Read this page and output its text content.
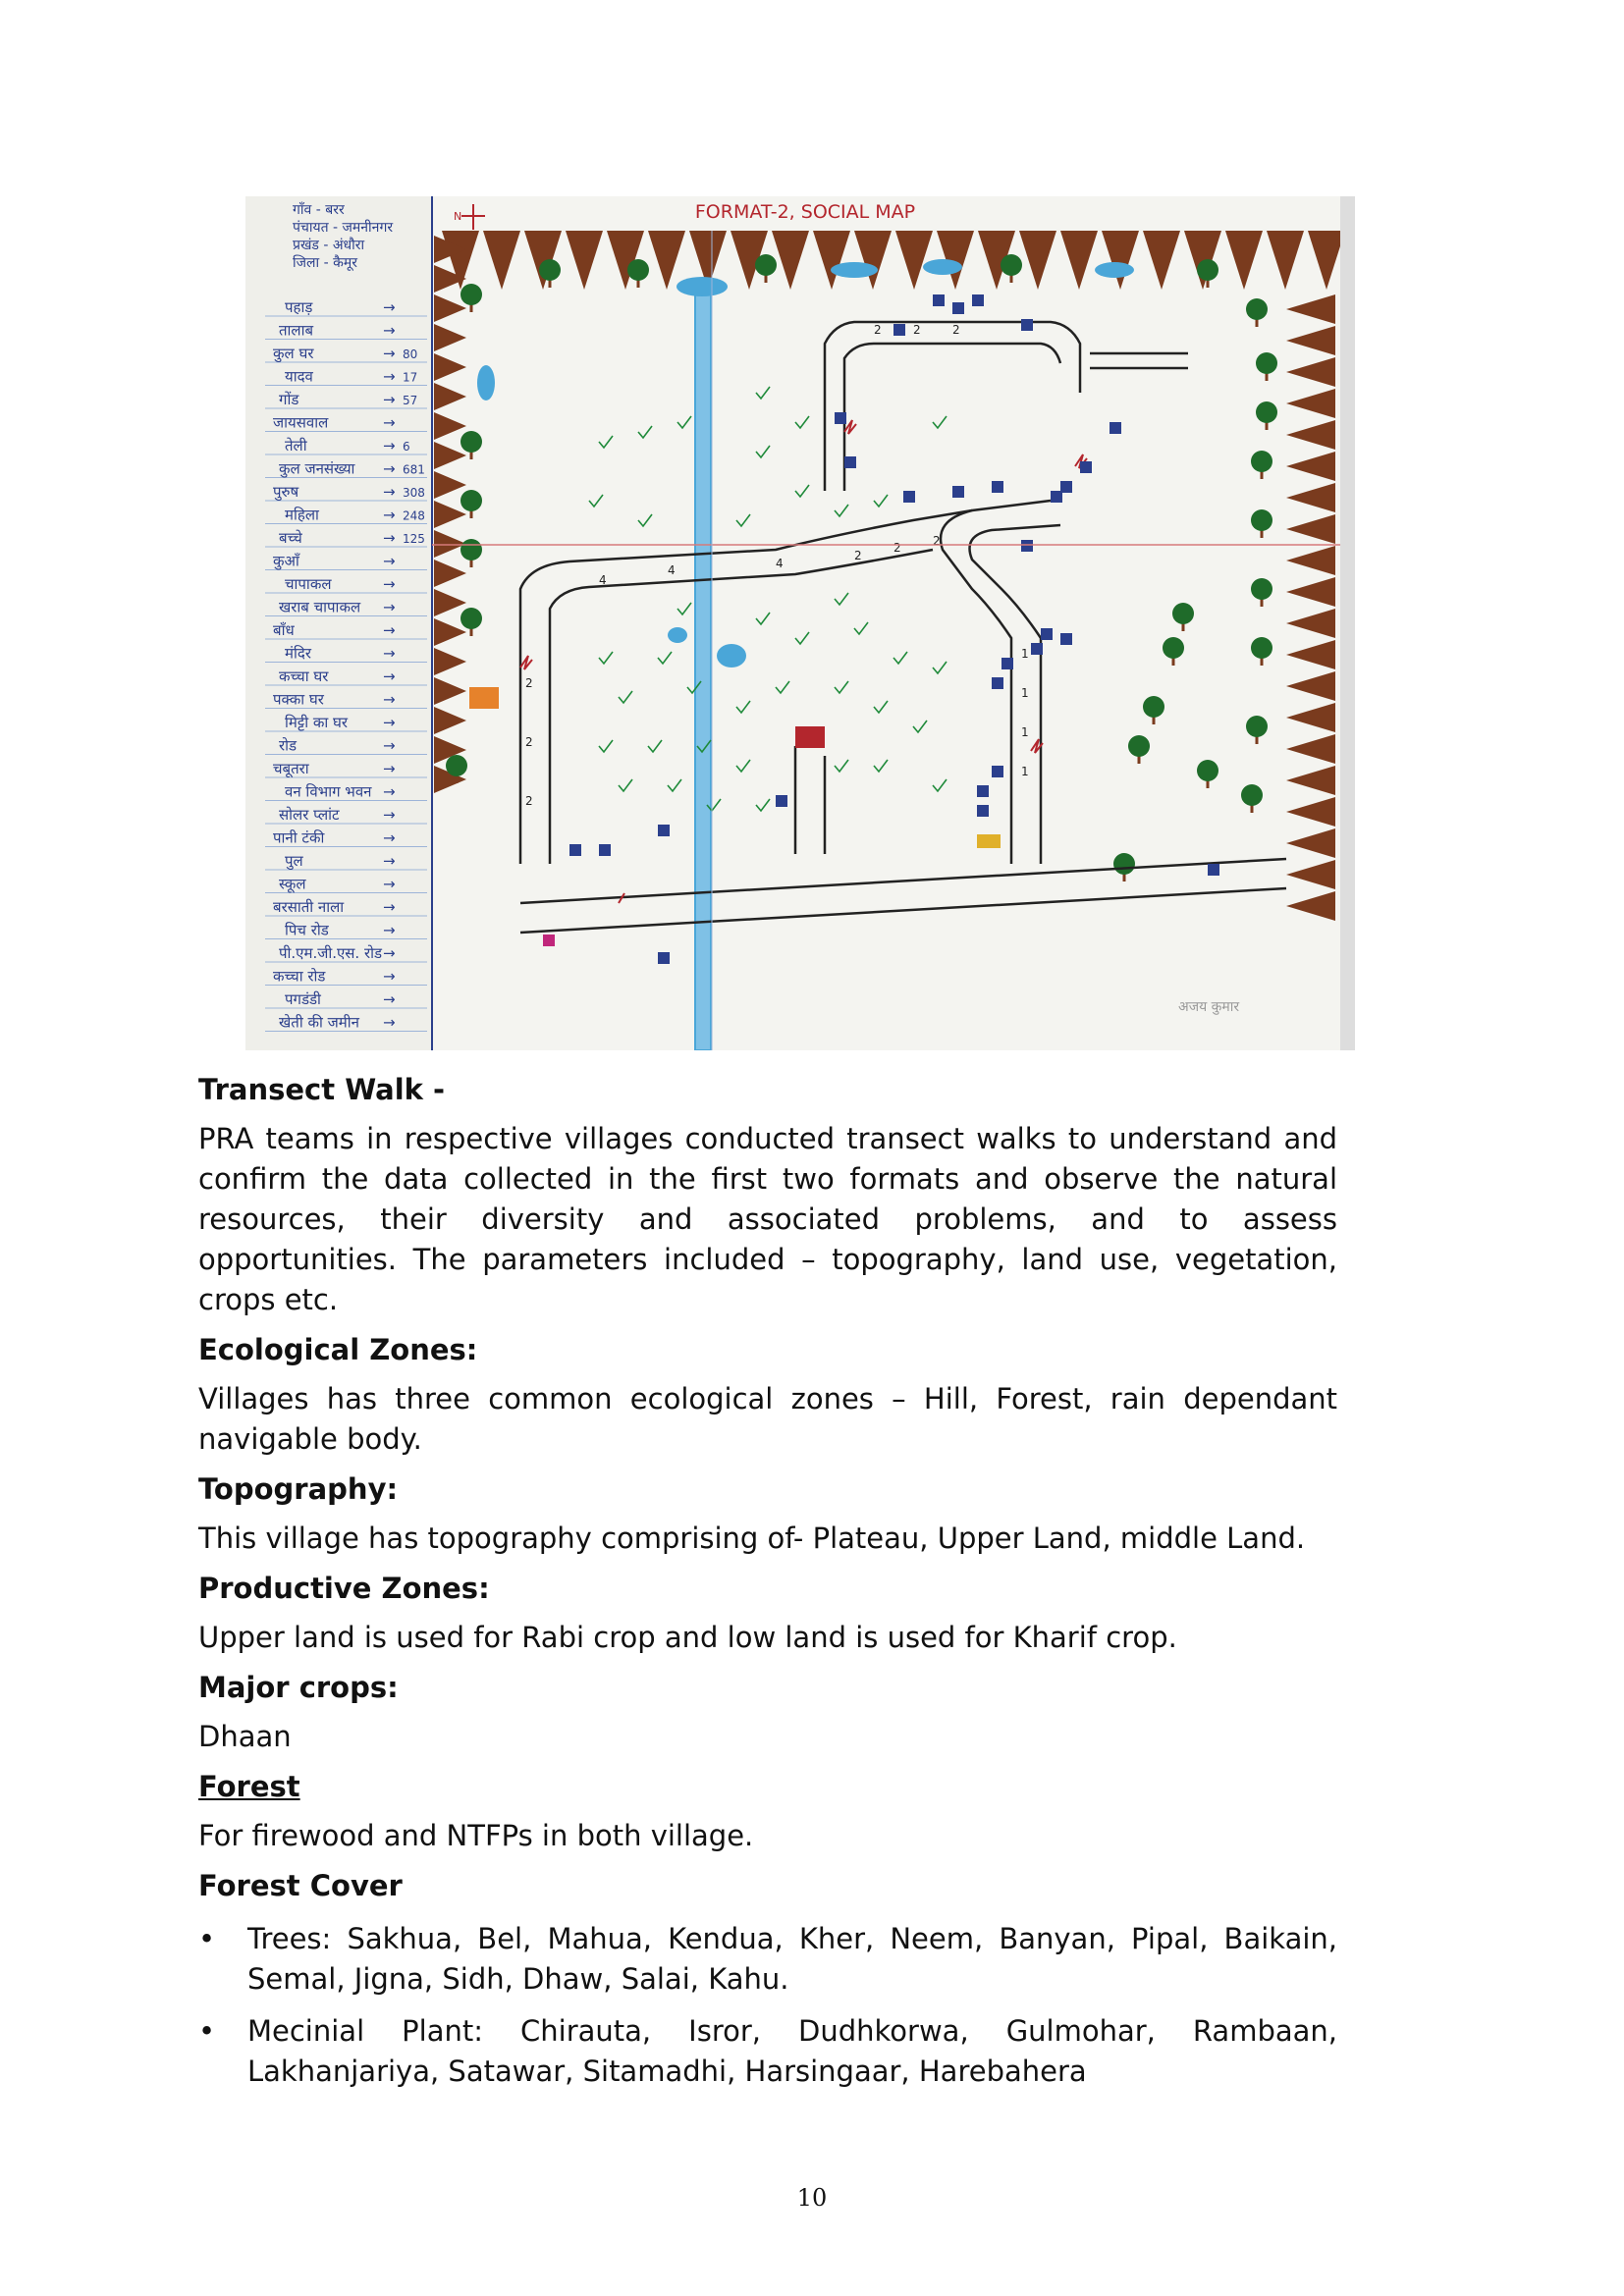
गाँव - बरर
पंचायत - जमनीनगर
प्रखंड - अंधौरा
जिला - कैमूर
पहाड़	→
तालाब	→
कुल घर	→ 80
यादव	→ 17
गोंड	→ 57
जायसवाल	→
तेली	→ 6
कुल जनसंख्या → 681
पुरुष	→ 308
महिला	→ 248
बच्चे	→ 125
कुआँ	→
चापाकल	→
खराब चापाकल →
बाँध	→
मंदिर	→
कच्चा घर	→
पक्का घर	→
मिट्टी का घर →
रोड	→
चबूतरा	→
वन विभाग भवन →
सोलर प्लांट	→
पानी टंकी	→
पुल	→
स्कूल	→
बरसाती नाला	→
पिच रोड	→
पी.एम.जी.एस. रोड →
कच्चा रोड	→
पगडंडी	→
खेती की जमीन →
FORMAT-2, SOCIAL MAP
N
4
4	4
2
2	2
2	2	2
1
1
1
1
2
2
2
अजय कुमार

Transect Walk -

PRA teams in respective villages conducted transect walks to understand and confirm the data collected in the first two formats and observe the natural resources, their diversity and associated problems, and to assess opportunities. The parameters included – topography, land use, vegetation, crops etc.

Ecological Zones:

Villages has three common ecological zones – Hill, Forest, rain dependant navigable body.

Topography:

This village has topography comprising of- Plateau, Upper Land, middle Land.

Productive Zones:

Upper land is used for Rabi crop and low land is used for Kharif crop.

Major crops:

Dhaan

Forest

For firewood and NTFPs in both village.

Forest Cover

• Trees: Sakhua, Bel, Mahua, Kendua, Kher, Neem, Banyan, Pipal, Baikain, Semal, Jigna, Sidh, Dhaw, Salai, Kahu.
• Mecinial Plant: Chirauta, Isror, Dudhkorwa, Gulmohar, Rambaan, Lakhanjariya, Satawar, Sitamadhi, Harsingaar, Harebahera
10
